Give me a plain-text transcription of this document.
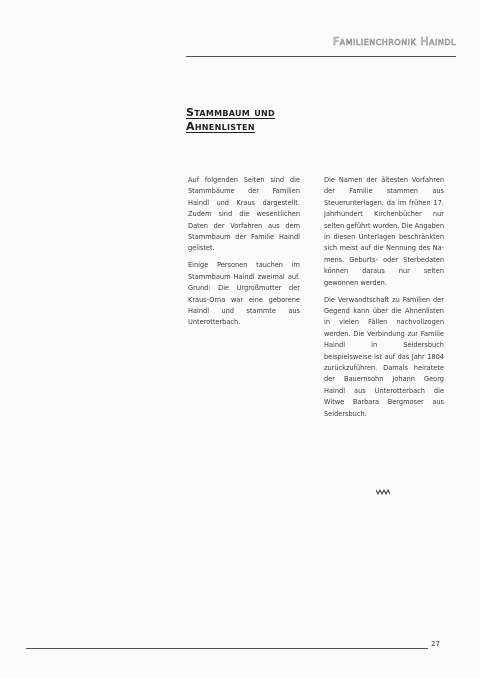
Familienchronik Haindl
Stammbaum und Ahnenlisten

Auf folgenden Seiten sind die Stammbäume der Familien Haindl und Kraus dargestellt. Zudem sind die wesentlichen Daten der Vorfahren aus dem Stammbaum der Familie Haindl gelistet.

Einige Personen tauchen im Stammbaum Haindl zweimal auf. Grund: Die Urgroßmutter der Kraus-Orna war eine geborene Haindl und stammte aus Unterotterbach.

Die Namen der ältesten Vorfahren der Familie stammen aus Steuerunterlagen, da im frühen 17. Jahrhundert Kirchenbücher nur selten geführt wurden. Die Angaben in diesen Unterlagen beschränkten sich meist auf die Nennung des Namens. Geburts- oder Sterbedaten können daraus nur selten gewonnen werden.

Die Verwandtschaft zu Familien der Gegend kann über die Ahnenlisten in vielen Fällen nachvollzogen werden. Die Verbindung zur Familie Haindl in Seidersbuch beispielsweise ist auf das Jahr 1804 zurückzuführen. Damals heiratete der Bauernsohn Johann Georg Haindl aus Unterotterbach die Witwe Barbara Bergmoser aus Seidersbuch.

27
